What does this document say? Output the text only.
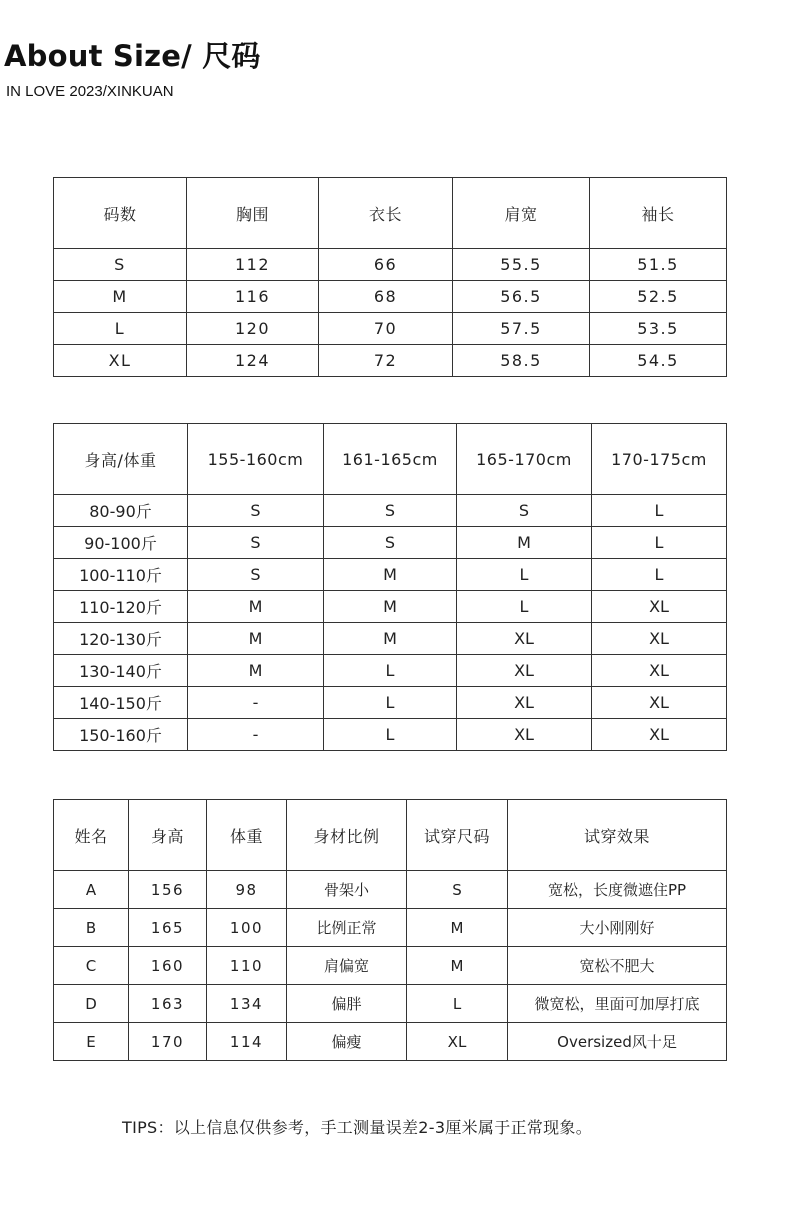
About Size/ 尺码
IN LOVE 2023/XINKUAN
码数	胸围	衣长	肩宽	袖长
S	112	66	55.5	51.5
M	116	68	56.5	52.5
L	120	70	57.5	53.5
XL	124	72	58.5	54.5
身高/体重	155-160cm	161-165cm	165-170cm	170-175cm
80-90斤	S	S	S	L
90-100斤	S	S	M	L
100-110斤	S	M	L	L
110-120斤	M	M	L	XL
120-130斤	M	M	XL	XL
130-140斤	M	L	XL	XL
140-150斤	-	L	XL	XL
150-160斤	-	L	XL	XL
姓名	身高	体重	身材比例	试穿尺码	试穿效果
A	156	98	骨架小	S	宽松，长度微遮住PP
B	165	100	比例正常	M	大小刚刚好
C	160	110	肩偏宽	M	宽松不肥大
D	163	134	偏胖	L	微宽松，里面可加厚打底
E	170	114	偏瘦	XL	Oversized风十足
TIPS：以上信息仅供参考，手工测量误差2-3厘米属于正常现象。
